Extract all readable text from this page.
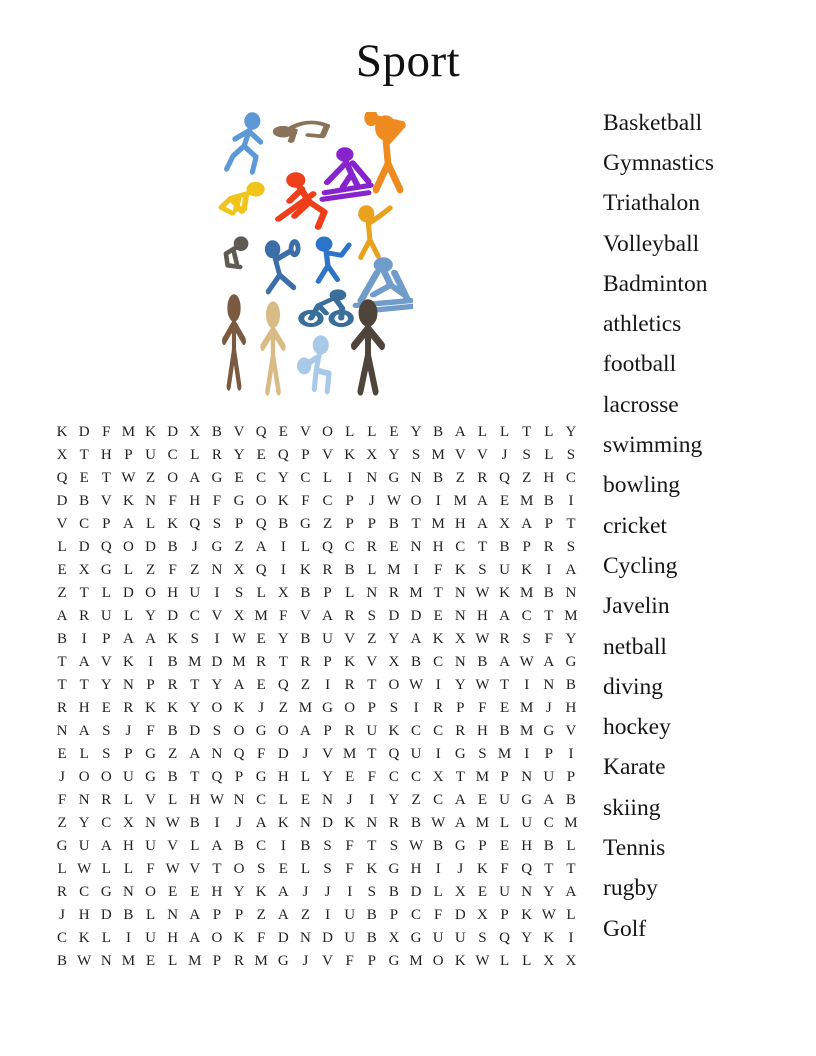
Sport
Basketball
Gymnastics
Triathalon
Volleyball
Badminton
athletics
football
lacrosse
swimming
bowling
cricket
Cycling
Javelin
netball
diving
hockey
Karate
skiing
Tennis
rugby
Golf
K D F M K D X B V Q E V O L L E Y B A L L T L Y
X T H P U C L R Y E Q P V K X Y S M V V J	S L S
Q E T W Z O A G E C Y C L	I N G N B Z R Q Z H C
D B V K N F H F G O K F C P	J W O I M A E M B I
V C P A L K Q S P Q B G Z P P B T M H A X A P T
L D Q O D B J G Z A I	L Q C R E N H C T B P R S
E X G L Z F Z N X Q I K R B L M I	F K S U K I A
Z T L D O H U I	S L X B P L N R M T N W K M B N
A R U L Y D C V X M F V A R S D D E N H A C T M
B I	P A A K S	I W E Y B U V Z Y A K X W R S F Y
T A V K I B M D M R T R P K V X B C N B A W A G
T T Y N P R T Y A E Q Z	I R T O W I Y W T	I N B
R H E R K K Y O K J Z M G O P S	I R P F E M J H
N A S	J	F B D S O G O A P R U K C C R H B M G V
E L S P G Z A N Q F D J V M T Q U I G S M I	P	I
J O O U G B T Q P G H L Y E F C C X T M P N U P
F N R L V L H W N C L E N J	I Y Z C A E U G A B
Z Y C X N W B I	J A K N D K N R B W A M L U C M
G U A H U V L A B C I B S F T S W B G P E H B L
L W L L F W V T O S E L S F K G H I	J K F Q T T
R C G N O E E H Y K A J	J	I	S B D L X E U N Y A
J H D B L N A P P Z A Z	I U B P C F D X P K W L
C K L	I U H A O K F D N D U B X G U U S Q Y K I
B W N M E L M P R M G J V F P G M O K W L L X X
